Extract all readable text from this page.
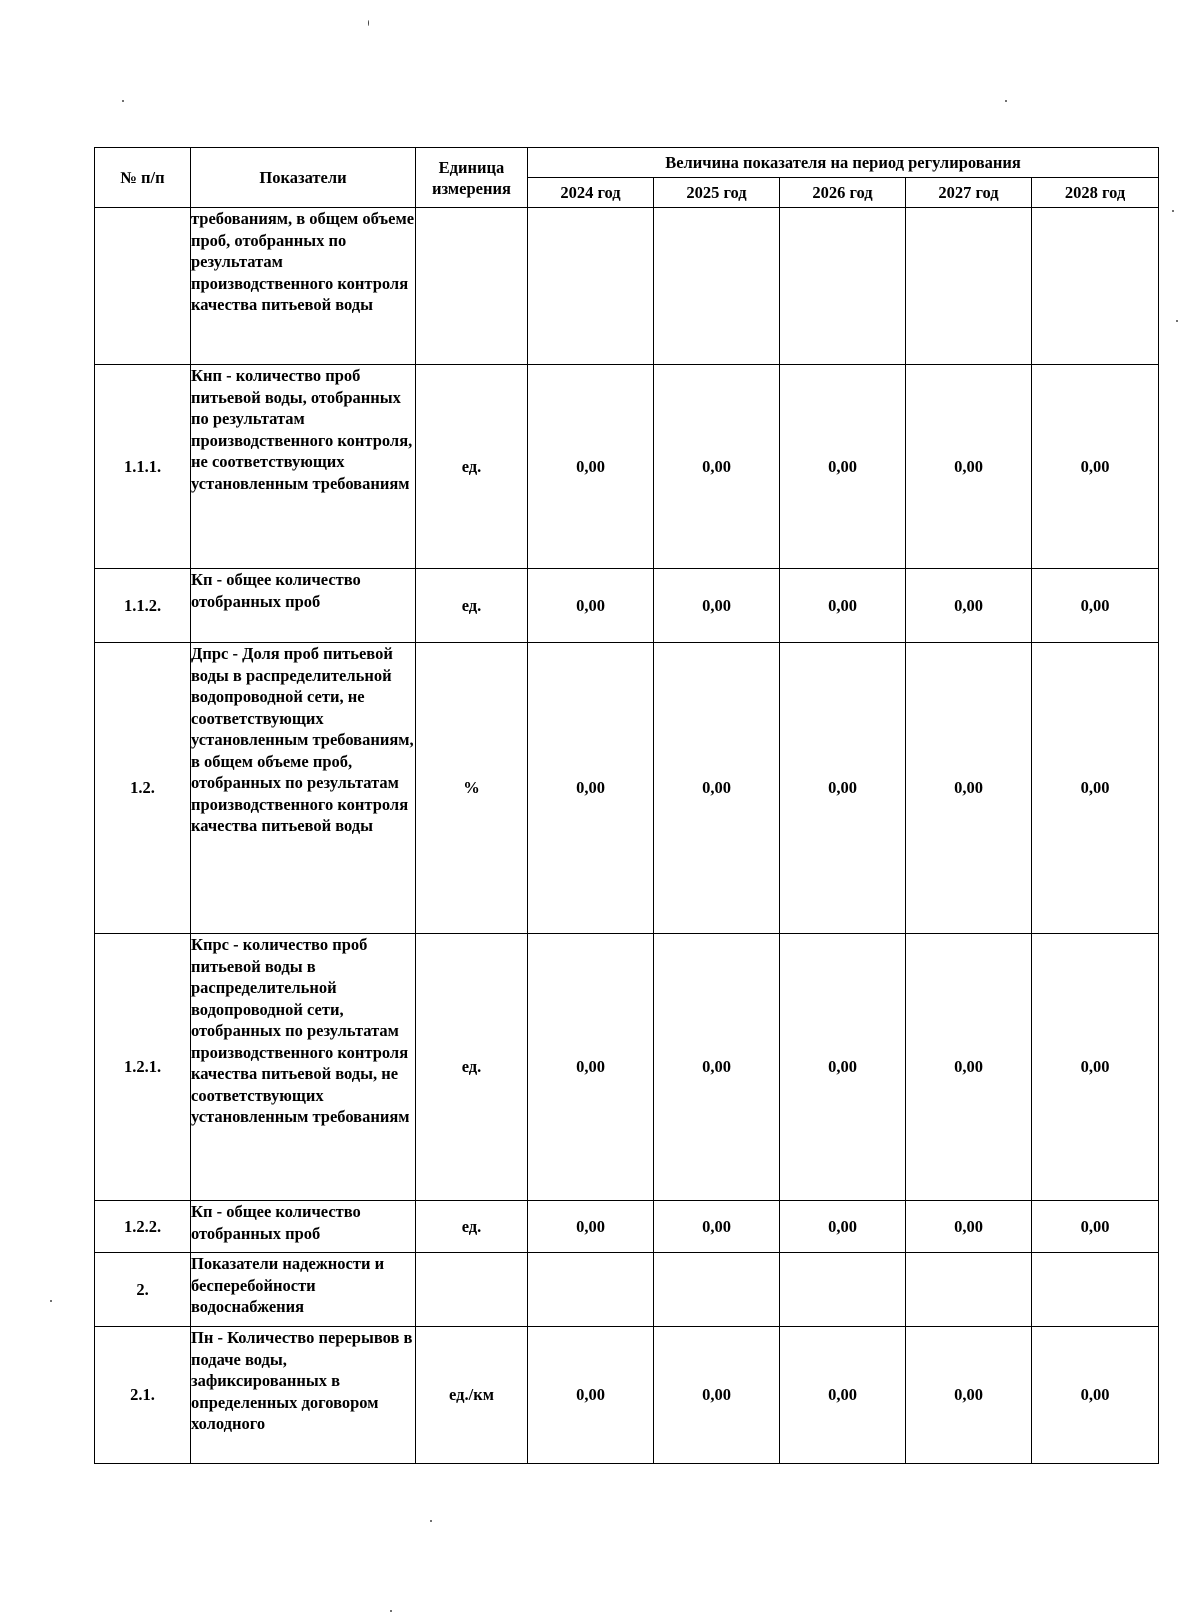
№ п/п	Показатели	Единица измерения	Величина показателя на период регулирования				
			2024 год	2025 год	2026 год	2027 год	2028 год
	требованиям, в общем объеме проб, отобранных по результатам производственного контроля качества питьевой воды						
1.1.1.	Кнп - количество проб питьевой воды, отобранных по результатам производственного контроля, не соответствующих установленным требованиям	ед.	0,00	0,00	0,00	0,00	0,00
1.1.2.	Кп - общее количество отобранных проб	ед.	0,00	0,00	0,00	0,00	0,00
1.2.	Дпрс - Доля проб питьевой воды в распределительной водопроводной сети, не соответствующих установленным требованиям, в общем объеме проб, отобранных по результатам производственного контроля качества питьевой воды	%	0,00	0,00	0,00	0,00	0,00
1.2.1.	Кпрс - количество проб питьевой воды в распределительной водопроводной сети, отобранных по результатам производственного контроля качества питьевой воды, не соответствующих установленным требованиям	ед.	0,00	0,00	0,00	0,00	0,00
1.2.2.	Кп - общее количество отобранных проб	ед.	0,00	0,00	0,00	0,00	0,00
2.	Показатели надежности и бесперебойности водоснабжения						
2.1.	Пн - Количество перерывов в подаче воды, зафиксированных в определенных договором холодного	ед./км	0,00	0,00	0,00	0,00	0,00
